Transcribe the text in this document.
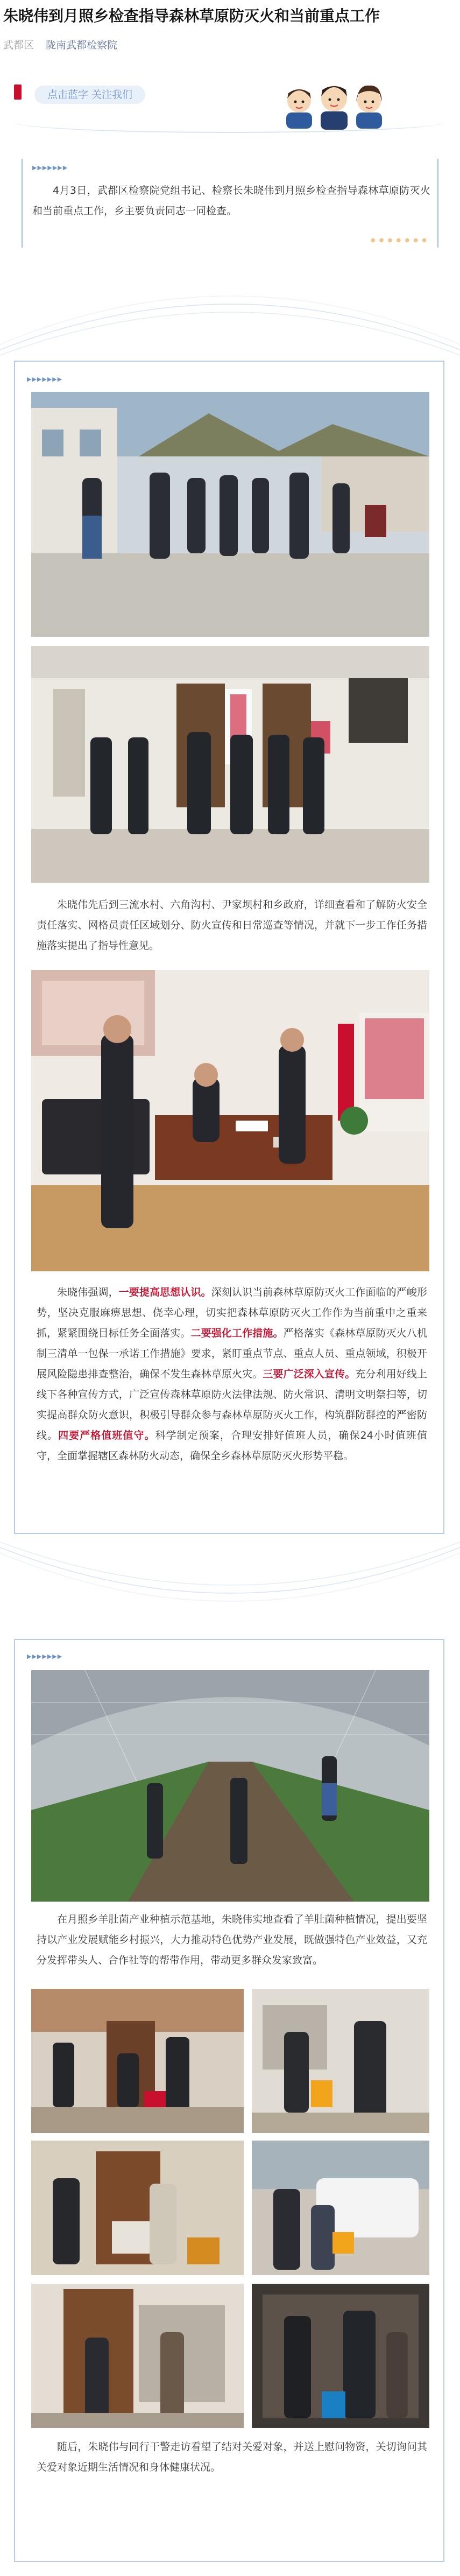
朱晓伟到月照乡检查指导森林草原防灭火和当前重点工作
武都区 陇南武都检察院
点击蓝字 关注我们
▶▶▶▶▶▶▶

4月3日，武都区检察院党组书记、检察长朱晓伟到月照乡检查指导森林草原防灭火和当前重点工作，乡主要负责同志一同检查。

● ● ● ● ● ● ●
▶▶▶▶▶▶▶

朱晓伟先后到三流水村、六角沟村、尹家坝村和乡政府，详细查看和了解防火安全责任落实、网格员责任区域划分、防火宣传和日常巡查等情况，并就下一步工作任务措施落实提出了指导性意见。

朱晓伟强调，一要提高思想认识。深刻认识当前森林草原防灭火工作面临的严峻形势，坚决克服麻痹思想、侥幸心理，切实把森林草原防灭火工作作为当前重中之重来抓，紧紧围绕目标任务全面落实。二要强化工作措施。严格落实《森林草原防灭火八机制三清单一包保一承诺工作措施》要求，紧盯重点节点、重点人员、重点领域，积极开展风险隐患排查整治，确保不发生森林草原火灾。三要广泛深入宣传。充分利用好线上线下各种宣传方式，广泛宣传森林草原防火法律法规、防火常识、清明文明祭扫等，切实提高群众防火意识，积极引导群众参与森林草原防灭火工作，构筑群防群控的严密防线。四要严格值班值守。科学制定预案，合理安排好值班人员，确保24小时值班值守，全面掌握辖区森林防火动态，确保全乡森林草原防灭火形势平稳。

▶▶▶▶▶▶▶

在月照乡羊肚菌产业种植示范基地，朱晓伟实地查看了羊肚菌种植情况，提出要坚持以产业发展赋能乡村振兴，大力推动特色优势产业发展，既做强特色产业效益，又充分发挥带头人、合作社等的帮带作用，带动更多群众发家致富。

随后，朱晓伟与同行干警走访看望了结对关爱对象，并送上慰问物资，关切询问其关爱对象近期生活情况和身体健康状况。
